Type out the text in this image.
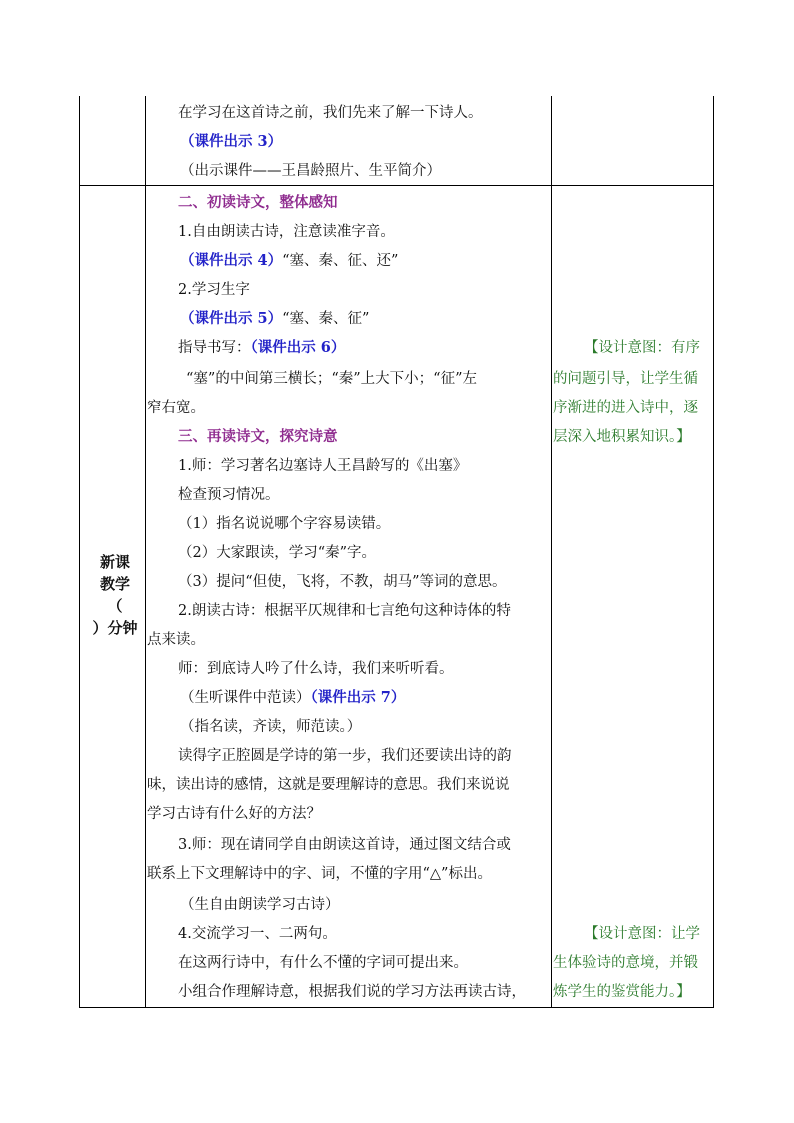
在学习在这首诗之前，我们先来了解一下诗人。
（课件出示 3）
（出示课件——王昌龄照片、生平简介）
新课
教学
（
）分钟
二、初读诗文，整体感知
1.自由朗读古诗，注意读准字音。
（课件出示 4）“塞、秦、征、还”
2.学习生字
（课件出示 5）“塞、秦、征”
指导书写：（课件出示 6）
“塞”的中间第三横长；“秦”上大下小；“征”左
窄右宽。
三、再读诗文，探究诗意
1.师：学习著名边塞诗人王昌龄写的《出塞》
检查预习情况。
（1）指名说说哪个字容易读错。
（2）大家跟读，学习“秦”字。
（3）提问“但使，飞将，不教，胡马”等词的意思。
2.朗读古诗：根据平仄规律和七言绝句这种诗体的特
点来读。
师：到底诗人吟了什么诗，我们来听听看。
（生听课件中范读）（课件出示 7）
（指名读，齐读，师范读。）
读得字正腔圆是学诗的第一步，我们还要读出诗的韵
味，读出诗的感情，这就是要理解诗的意思。我们来说说
学习古诗有什么好的方法？
3.师：现在请同学自由朗读这首诗，通过图文结合或
联系上下文理解诗中的字、词，不懂的字用“△”标出。
（生自由朗读学习古诗）
4.交流学习一、二两句。
在这两行诗中，有什么不懂的字词可提出来。
小组合作理解诗意，根据我们说的学习方法再读古诗，
【设计意图：有序
的问题引导，让学生循
序渐进的进入诗中，逐
层深入地积累知识。】
【设计意图：让学
生体验诗的意境，并锻
炼学生的鉴赏能力。】
